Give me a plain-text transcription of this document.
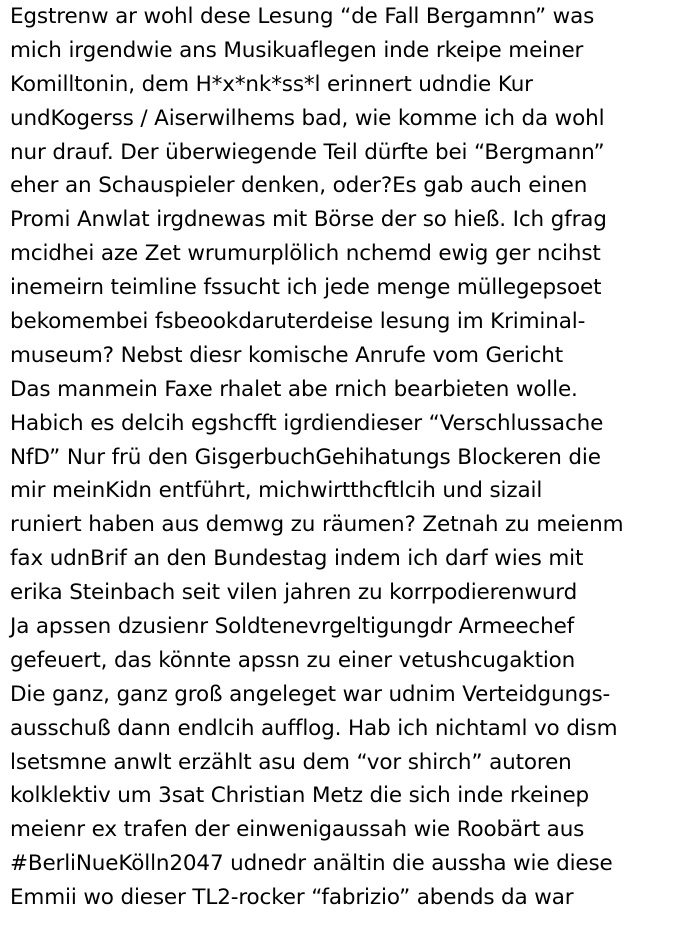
Egstrenw ar wohl dese Lesung “de Fall Bergamnn” was
mich irgendwie ans Musikuaflegen inde rkeipe meiner
Komilltonin, dem H*x*nk*ss*l erinnert udndie Kur
undKogerss / Aiserwilhems bad, wie komme ich da wohl
nur drauf. Der überwiegende Teil dürfte bei “Bergmann”
eher an Schauspieler denken, oder?Es gab auch einen
Promi Anwlat irgdnewas mit Börse der so hieß. Ich gfrag
mcidhei aze Zet wrumurplölich nchemd ewig ger ncihst
inemeirn teimline fssucht ich jede menge müllegepsoet
bekomembei fsbeookdaruterdeise lesung im Kriminal-
museum? Nebst diesr komische Anrufe vom Gericht
Das manmein Faxe rhalet abe rnich bearbieten wolle.
Habich es delcih egshcfft igrdiendieser “Verschlussache
NfD” Nur frü den GisgerbuchGehihatungs Blockeren die
mir meinKidn entführt, michwirtthcftlcih und sizail
runiert haben aus demwg zu räumen? Zetnah zu meienm
fax udnBrif an den Bundestag indem ich darf wies mit
erika Steinbach seit vilen jahren zu korrpodierenwurd
Ja apssen dzusienr Soldtenevrgeltigungdr Armeechef
gefeuert, das könnte apssn zu einer vetushcugaktion
Die ganz, ganz groß angeleget war udnim Verteidgungs-
ausschuß dann endlcih aufflog. Hab ich nichtaml vo dism
lsetsmne anwlt erzählt asu dem “vor shirch” autoren
kolklektiv um 3sat Christian Metz die sich inde rkeinep
meienr ex trafen der einwenigaussah wie Roobärt aus
#BerliNueKölln2047 udnedr anältin die aussha wie diese
Emmii wo dieser TL2-rocker “fabrizio” abends da war
